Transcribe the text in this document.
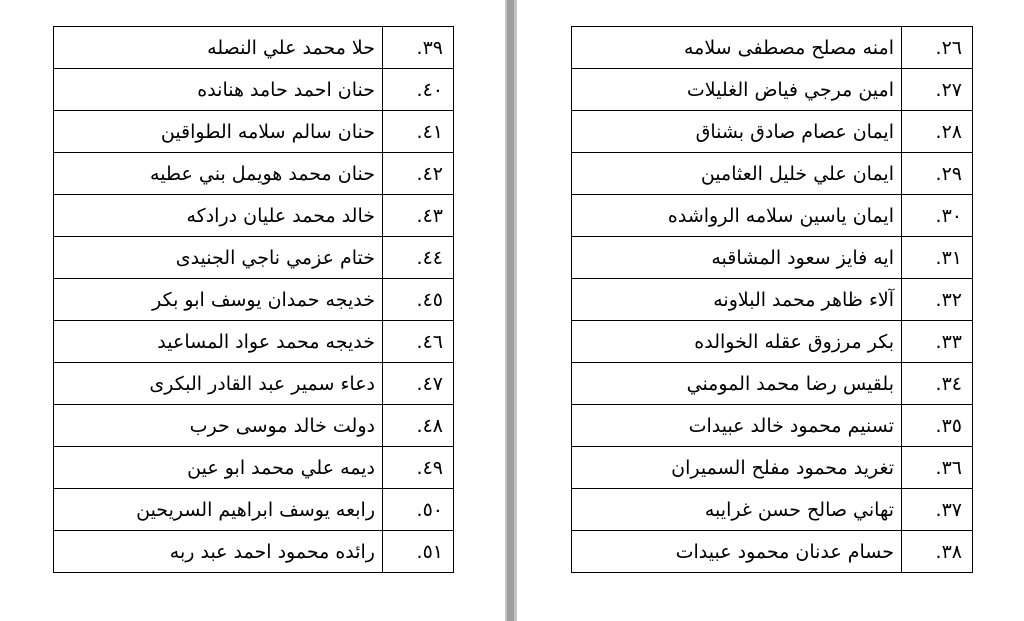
حلا محمد علي النصله	٣٩.
حنان احمد حامد هنانده	٤٠.
حنان سالم سلامه الطواقين	٤١.
حنان محمد هويمل بني عطيه	٤٢.
خالد محمد عليان درادكه	٤٣.
ختام عزمي ناجي الجنيدى	٤٤.
خديجه حمدان يوسف ابو بكر	٤٥.
خديجه محمد عواد المساعيد	٤٦.
دعاء سمير عبد القادر البكرى	٤٧.
دولت خالد موسى حرب	٤٨.
ديمه علي محمد ابو عين	٤٩.
رابعه يوسف ابراهيم السريحين	٥٠.
رائده محمود احمد عبد ربه	٥١.
امنه مصلح مصطفى سلامه	٢٦.
امين مرجي فياض الغليلات	٢٧.
ايمان عصام صادق بشناق	٢٨.
ايمان علي خليل العثامين	٢٩.
ايمان ياسين سلامه الرواشده	٣٠.
ايه فايز سعود المشاقبه	٣١.
آلاء ظاهر محمد البلاونه	٣٢.
بكر مرزوق عقله الخوالده	٣٣.
بلقيس رضا محمد المومني	٣٤.
تسنيم محمود خالد عبيدات	٣٥.
تغريد محمود مفلح السميران	٣٦.
تهاني صالح حسن غرايبه	٣٧.
حسام عدنان محمود عبيدات	٣٨.
